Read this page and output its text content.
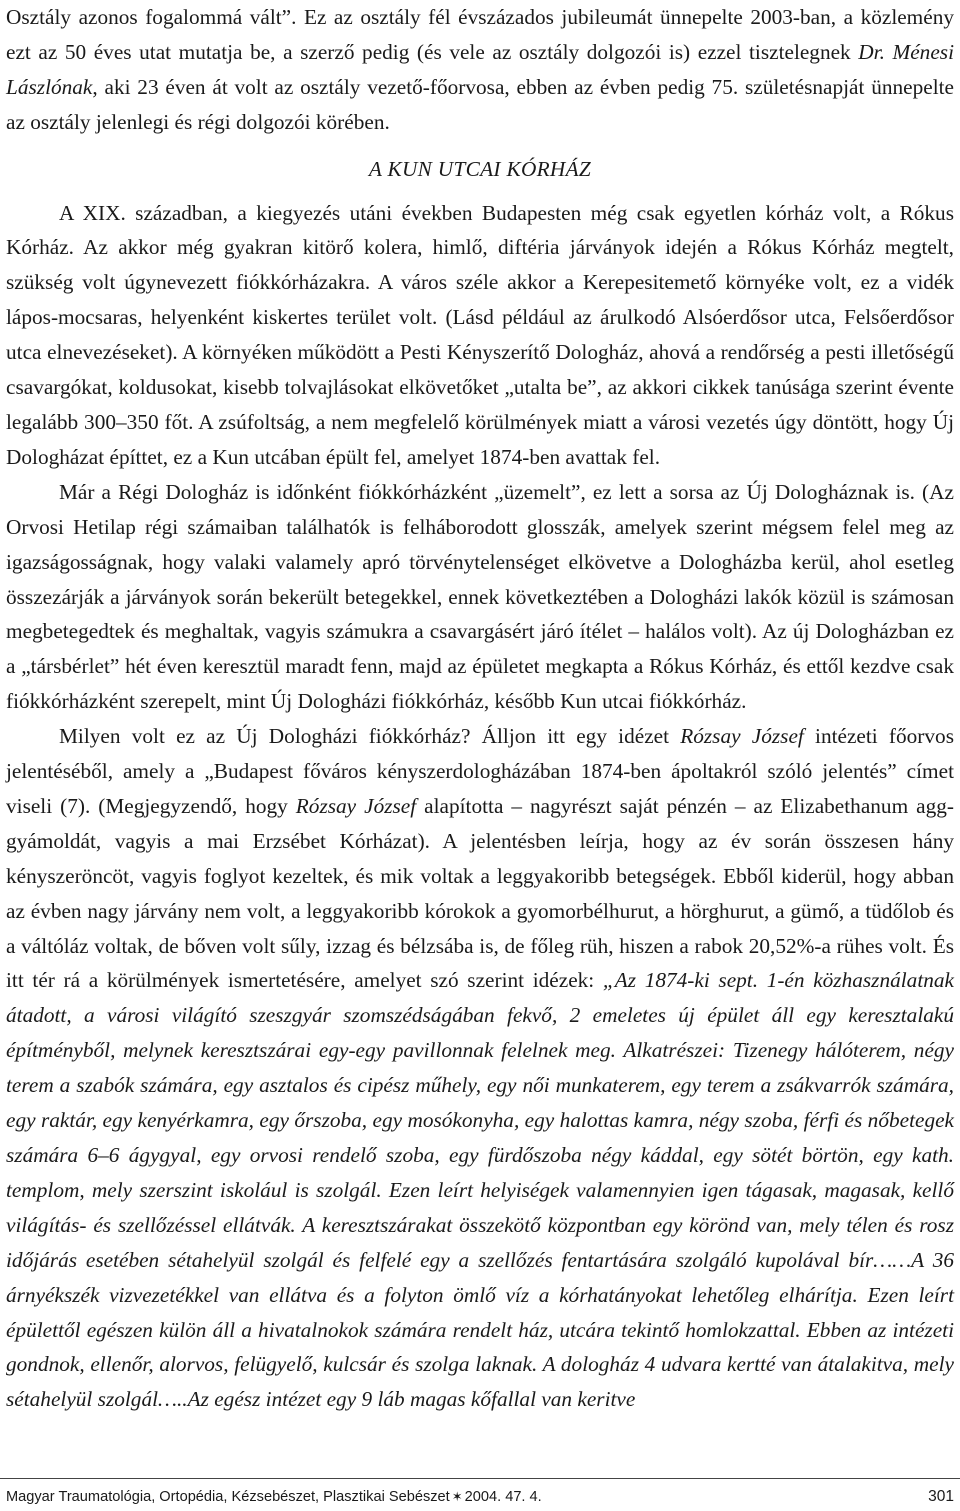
Osztály azonos fogalommá vált”. Ez az osztály fél évszázados jubileumát ünnepelte 2003-ban, a közlemény ezt az 50 éves utat mutatja be, a szerző pedig (és vele az osztály dolgozói is) ezzel tisztelegnek Dr. Ménesi Lászlónak, aki 23 éven át volt az osztály vezető-főorvosa, ebben az évben pedig 75. születésnapját ünnepelte az osztály jelenlegi és régi dolgozói körében.

A KUN UTCAI KÓRHÁZ

A XIX. században, a kiegyezés utáni években Budapesten még csak egyetlen kórház volt, a Rókus Kórház. Az akkor még gyakran kitörő kolera, himlő, diftéria járványok idején a Rókus Kórház megtelt, szükség volt úgynevezett fiókkórházakra. A város széle akkor a Kerepesitemető környéke volt, ez a vidék lápos-mocsaras, helyenként kiskertes terület volt. (Lásd például az árulkodó Alsóerdősor utca, Felsőerdősor utca elnevezéseket). A környéken működött a Pesti Kényszerítő Dologház, ahová a rendőrség a pesti illetőségű csavargókat, koldusokat, kisebb tolvajlásokat elkövetőket „utalta be”, az akkori cikkek tanúsága szerint évente legalább 300–350 főt. A zsúfoltság, a nem megfelelő körülmények miatt a városi vezetés úgy döntött, hogy Új Dologházat építtet, ez a Kun utcában épült fel, amelyet 1874-ben avattak fel.

Már a Régi Dologház is időnként fiókkórházként „üzemelt”, ez lett a sorsa az Új Dologháznak is. (Az Orvosi Hetilap régi számaiban találhatók is felháborodott glosszák, amelyek szerint mégsem felel meg az igazságosságnak, hogy valaki valamely apró törvénytelenséget elkövetve a Dologházba kerül, ahol esetleg összezárják a járványok során bekerült betegekkel, ennek következtében a Dologházi lakók közül is számosan megbetegedtek és meghaltak, vagyis számukra a csavargásért járó ítélet – halálos volt). Az új Dologházban ez a „társbérlet” hét éven keresztül maradt fenn, majd az épületet megkapta a Rókus Kórház, és ettől kezdve csak fiókkórházként szerepelt, mint Új Dologházi fiókkórház, később Kun utcai fiókkórház.

Milyen volt ez az Új Dologházi fiókkórház? Álljon itt egy idézet Rózsay József intézeti főorvos jelentéséből, amely a „Budapest főváros kényszerdologházában 1874-ben ápoltakról szóló jelentés” címet viseli (7). (Megjegyzendő, hogy Rózsay József alapította – nagyrészt saját pénzén – az Elizabethanum agg-gyámoldát, vagyis a mai Erzsébet Kórházat). A jelentésben leírja, hogy az év során összesen hány kényszeröncöt, vagyis foglyot kezeltek, és mik voltak a leggyakoribb betegségek. Ebből kiderül, hogy abban az évben nagy járvány nem volt, a leggyakoribb kórokok a gyomorbélhurut, a hörghurut, a gümő, a tüdőlob és a váltóláz voltak, de bőven volt sűly, izzag és bélzsába is, de főleg rüh, hiszen a rabok 20,52%-a rühes volt. És itt tér rá a körülmények ismertetésére, amelyet szó szerint idézek: „Az 1874-ki sept. 1-én közhasználatnak átadott, a városi világító szeszgyár szomszédságában fekvő, 2 emeletes új épület áll egy keresztalakú építményből, melynek keresztszárai egy-egy pavillonnak felelnek meg. Alkatrészei: Tizenegy hálóterem, négy terem a szabók számára, egy asztalos és cipész műhely, egy női munkaterem, egy terem a zsákvarrók számára, egy raktár, egy kenyérkamra, egy őrszoba, egy mosókonyha, egy halottas kamra, négy szoba, férfi és nőbetegek számára 6–6 ágygyal, egy orvosi rendelő szoba, egy fürdőszoba négy káddal, egy sötét börtön, egy kath. templom, mely szerszint iskolául is szolgál. Ezen leírt helyiségek valamennyien igen tágasak, magasak, kellő világítás- és szellőzéssel ellátvák. A keresztszárakat összekötő központban egy körönd van, mely télen és rosz időjárás esetében sétahelyül szolgál és felfelé egy a szellőzés fentartására szolgáló kupolával bír……A 36 árnyékszék vizvezetékkel van ellátva és a folyton ömlő víz a kórhatányokat lehetőleg elhárítja. Ezen leírt épülettől egészen külön áll a hivatalnokok számára rendelt ház, utcára tekintő homlokzattal. Ebben az intézeti gondnok, ellenőr, alorvos, felügyelő, kulcsár és szolga laknak. A dologház 4 udvara kertté van átalakitva, mely sétahelyül szolgál…..Az egész intézet egy 9 láb magas kőfallal van keritve

Magyar Traumatológia, Ortopédia, Kézsebészet, Plasztikai Sebészet ✶ 2004. 47. 4.	301
